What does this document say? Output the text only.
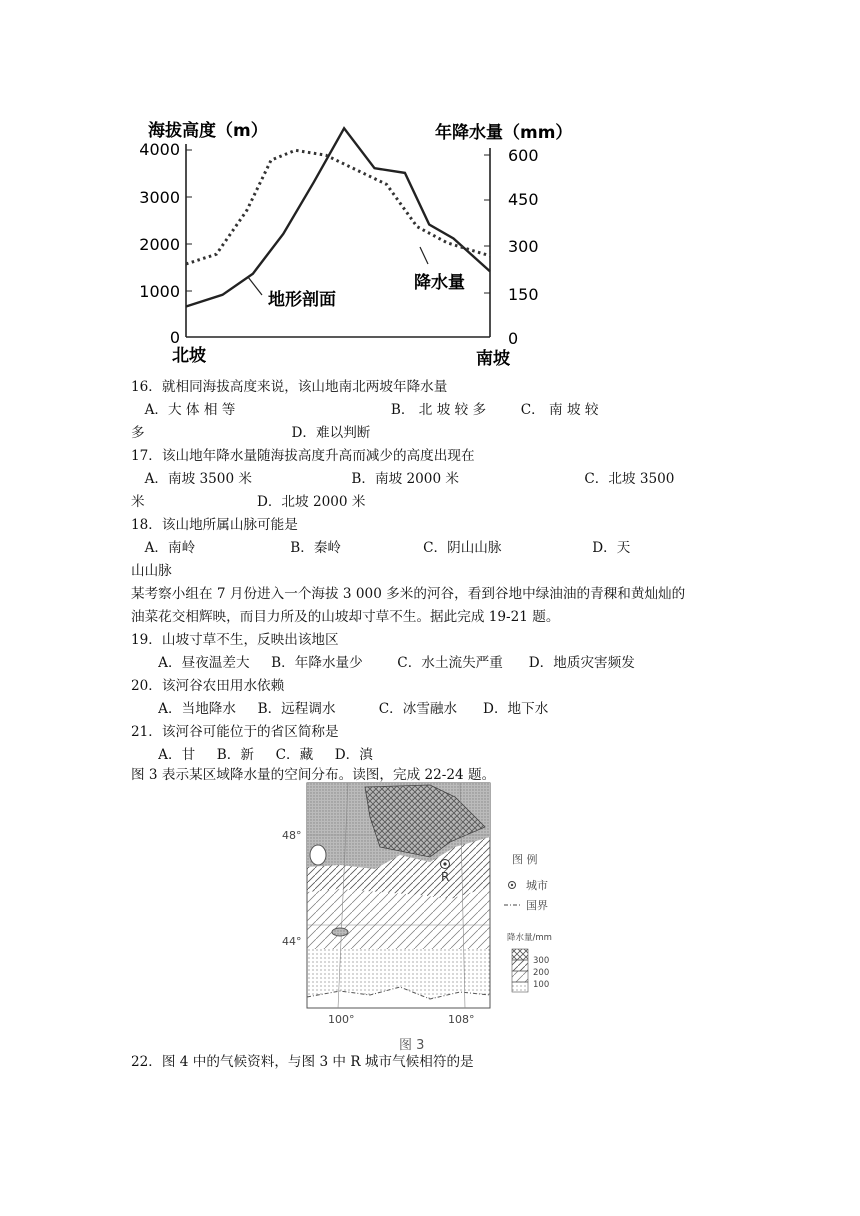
海拔高度（m）	年降水量（mm）
4000
3000
2000
1000
0
600
450
300
150
0
地形剖面
降水量
北坡	南坡
16．就相同海拔高度来说，该山地南北两坡年降水量
　A．大 体 相 等                                    B． 北 坡 较 多        C． 南 坡 较
多                                  D．难以判断
17．该山地年降水量随海拔高度升高而减少的高度出现在
　A．南坡 3500 米                       B．南坡 2000 米                             C．北坡 3500
米                          D．北坡 2000 米
18．该山地所属山脉可能是
　A．南岭                      B．秦岭                   C．阴山山脉                     D．天
山山脉
某考察小组在 7 月份进入一个海拔 3 000 多米的河谷，看到谷地中绿油油的青稞和黄灿灿的
油菜花交相辉映，而目力所及的山坡却寸草不生。据此完成 19-21 题。
19．山坡寸草不生，反映出该地区
　　A．昼夜温差大     B．年降水量少        C．水土流失严重      D．地质灾害频发
20．该河谷农田用水依赖
　　A．当地降水     B．远程调水          C．冰雪融水      D．地下水
21．该河谷可能位于的省区简称是
　　A．甘     B．新     C．藏     D．滇
图 3 表示某区域降水量的空间分布。读图，完成 22-24 题。
R
48°
44°
100°	108°
图 例
城市
国界
降水量/mm
300
200
100
图 3
22．图 4 中的气候资料，与图 3 中 R 城市气候相符的是
